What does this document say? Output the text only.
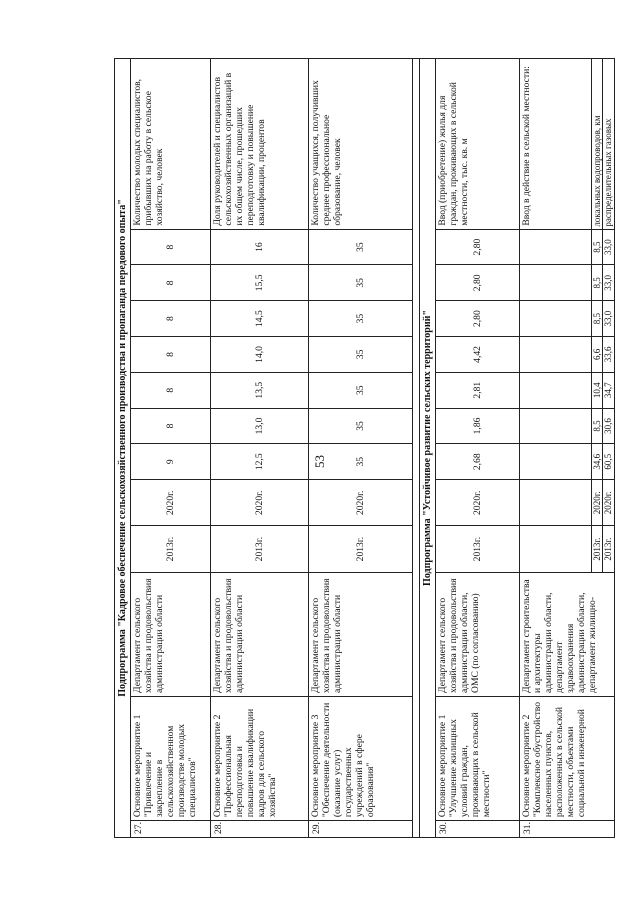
53
Подпрограмма "Кадровое обеспечение сельскохозяйственного производства и пропаганда передового опыта"												
27.	Основное мероприятие 1 "Привлечение и закрепление в сельскохозяйственном производстве молодых специалистов"	Департамент сельского хозяйства и продовольствия администрации области	2013г.	2020г.	9	8	8	8	8	8	8	Количество молодых специалистов, прибывших на работу в сельское хозяйство, человек
28.	Основное мероприятие 2 "Профессиональная переподготовка и повышение квалификации кадров для сельского хозяйства"	Департамент сельского хозяйства и продовольствия администрации области	2013г.	2020г.	12,5	13,0	13,5	14,0	14,5	15,5	16	Доля руководителей и специалистов сельскохозяйственных организаций в их общем числе, прошедших переподготовку и повышение квалификации, процентов
29.	Основное мероприятие 3 "Обеспечение деятельности (оказание услуг) государственных учреждений в сфере образования"	Департамент сельского хозяйства и продовольствия администрации области	2013г.	2020г.	35	35	35	35	35	35	35	Количество учащихся, получивших среднее профессиональное образование, человек

Подпрограмма "Устойчивое развитие сельских территорий"												
30.	Основное мероприятие 1 "Улучшение жилищных условий граждан, проживающих в сельской местности"	Департамент сельского хозяйства и продовольствия администрации области, ОМС (по согласованию)	2013г.	2020г.	2,68	1,86	2,81	4,42	2,80	2,80	2,80	Ввод (приобретение) жилья для граждан, проживающих в сельской местности, тыс. кв. м
31.	Основное мероприятие 2 "Комплексное обустройство населенных пунктов, расположенных в сельской местности, объектами социальной и инженерной	Департамент строительства и архитектуры администрации области, департамент здравоохранения администрации области, департамент жилищно-										Ввод в действие в сельской местности:
			2013г.	2020г.	34,6	8,5	10,4	6,6	8,5	8,5	8,5	локальных водопроводов, км
			2013г.	2020г.	60,5	30,6	34,7	33,6	33,0	33,0	33,0	распределительных газовых
